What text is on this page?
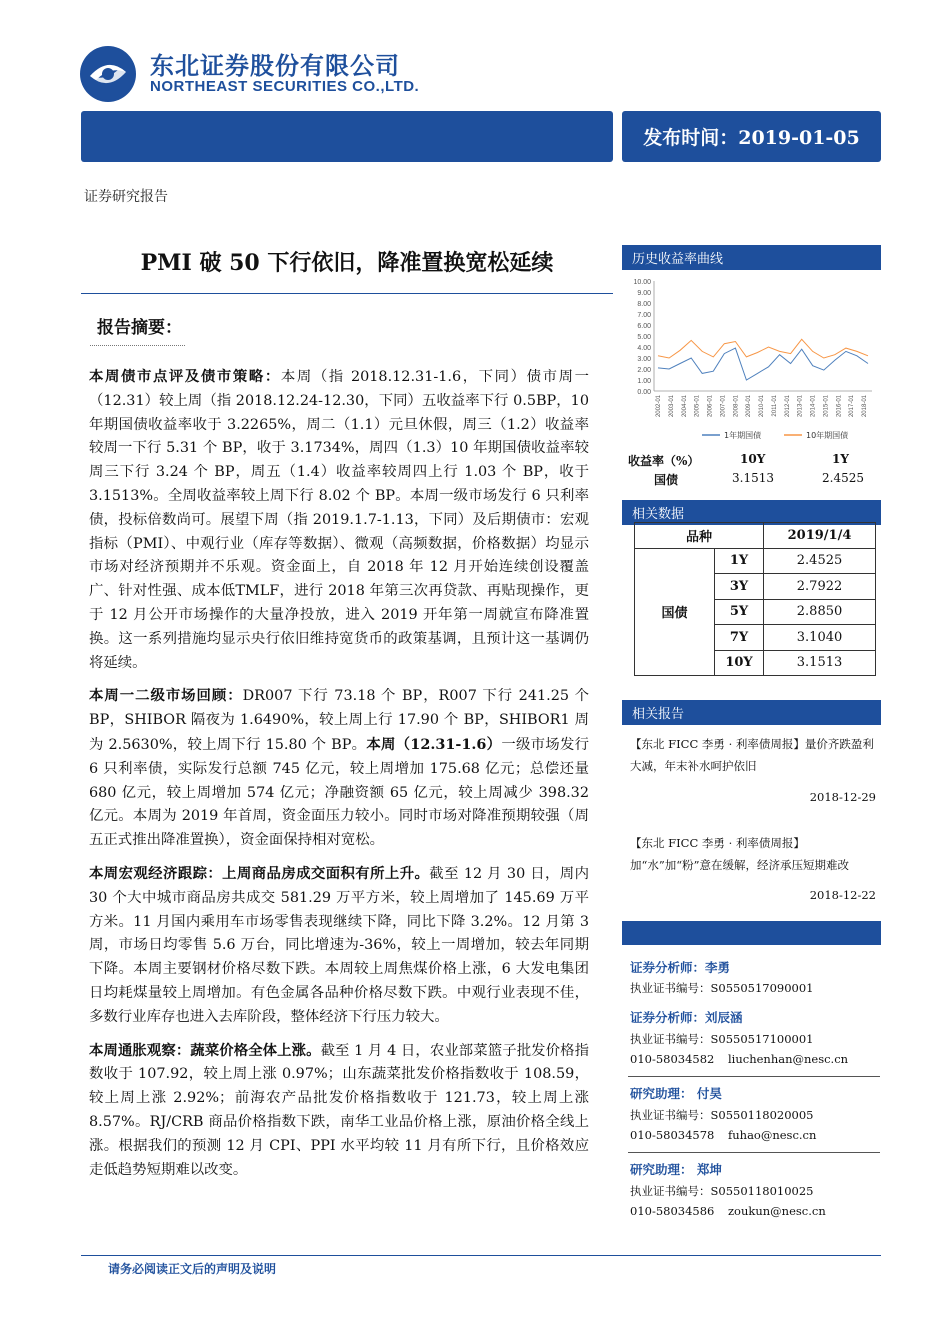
东北证券股份有限公司
NORTHEAST SECURITIES CO.,LTD.
发布时间：2019-01-05
证券研究报告
PMI 破 50 下行依旧，降准置换宽松延续
报告摘要：

本周债市点评及债市策略：本周（指 2018.12.31-1.6，下同）债市周一（12.31）较上周（指 2018.12.24-12.30，下同）五收益率下行 0.5BP，10 年期国债收益率收于 3.2265%，周二（1.1）元旦休假，周三（1.2）收益率较周一下行 5.31 个 BP，收于 3.1734%，周四（1.3）10 年期国债收益率较周三下行 3.24 个 BP，周五（1.4）收益率较周四上行 1.03 个 BP，收于 3.1513%。全周收益率较上周下行 8.02 个 BP。本周一级市场发行 6 只利率债，投标倍数尚可。展望下周（指 2019.1.7-1.13，下同）及后期债市：宏观指标（PMI）、中观行业（库存等数据）、微观（高频数据，价格数据）均显示市场对经济预期并不乐观。资金面上，自 2018 年 12 月开始连续创设覆盖广、针对性强、成本低TMLF，进行 2018 年第三次再贷款、再贴现操作，更于 12 月公开市场操作的大量净投放，进入 2019 开年第一周就宣布降准置换。这一系列措施均显示央行依旧维持宽货币的政策基调，且预计这一基调仍将延续。

本周一二级市场回顾：DR007 下行 73.18 个 BP，R007 下行 241.25 个 BP，SHIBOR 隔夜为 1.6490%，较上周上行 17.90 个 BP，SHIBOR1 周为 2.5630%，较上周下行 15.80 个 BP。本周（12.31-1.6）一级市场发行 6 只利率债，实际发行总额 745 亿元，较上周增加 175.68 亿元；总偿还量 680 亿元，较上周增加 574 亿元；净融资额 65 亿元，较上周减少 398.32 亿元。本周为 2019 年首周，资金面压力较小。同时市场对降准预期较强（周五正式推出降准置换），资金面保持相对宽松。

本周宏观经济跟踪：上周商品房成交面积有所上升。截至 12 月 30 日，周内 30 个大中城市商品房共成交 581.29 万平方米，较上周增加了 145.69 万平方米。11 月国内乘用车市场零售表现继续下降，同比下降 3.2%。12 月第 3 周，市场日均零售 5.6 万台，同比增速为-36%，较上一周增加，较去年同期下降。本周主要钢材价格尽数下跌。本周较上周焦煤价格上涨，6 大发电集团日均耗煤量较上周增加。有色金属各品种价格尽数下跌。中观行业表现不佳，多数行业库存也进入去库阶段，整体经济下行压力较大。

本周通胀观察：蔬菜价格全体上涨。截至 1 月 4 日，农业部菜篮子批发价格指数收于 107.92，较上周上涨 0.97%；山东蔬菜批发价格指数收于 108.59，较上周上涨 2.92%；前海农产品批发价格指数收于 121.73，较上周上涨 8.57%。RJ/CRB 商品价格指数下跌，南华工业品价格上涨，原油价格全线上涨。根据我们的预测 12 月 CPI、PPI 水平均较 11 月有所下行，且价格效应走低趋势短期难以改变。

历史收益率曲线
0.00
1.00
2.00
3.00
4.00
5.00
6.00
7.00
8.00
9.00
10.00
2002-01 2003-01 2004-01 2005-01 2006-01 2007-01 2008-01 2009-01 2010-01 2011-01 2012-01 2013-01 2014-01 2015-01 2016-01 2017-01 2018-01
1年期国债	10年期国债
收益率（%）	10Y	1Y
国债	3.1513	2.4525
相关数据
品种		2019/1/4
国债	1Y	2.4525
	3Y	2.7922
	5Y	2.8850
	7Y	3.1040
	10Y	3.1513
相关报告
【东北 FICC 李勇 · 利率债周报】量价齐跌盈利大减，年末补水呵护依旧
2018-12-29
【东北 FICC 李勇 · 利率债周报】加“水”加“粉”意在缓解，经济承压短期难改
2018-12-22
证券分析师：李勇
执业证书编号：S0550517090001
证券分析师：刘辰涵
执业证书编号：S0550517100001
010-58034582 liuchenhan@nesc.cn
研究助理： 付昊
执业证书编号：S0550118020005
010-58034578 fuhao@nesc.cn
研究助理： 郑坤
执业证书编号：S0550118010025
010-58034586 zoukun@nesc.cn
请务必阅读正文后的声明及说明
